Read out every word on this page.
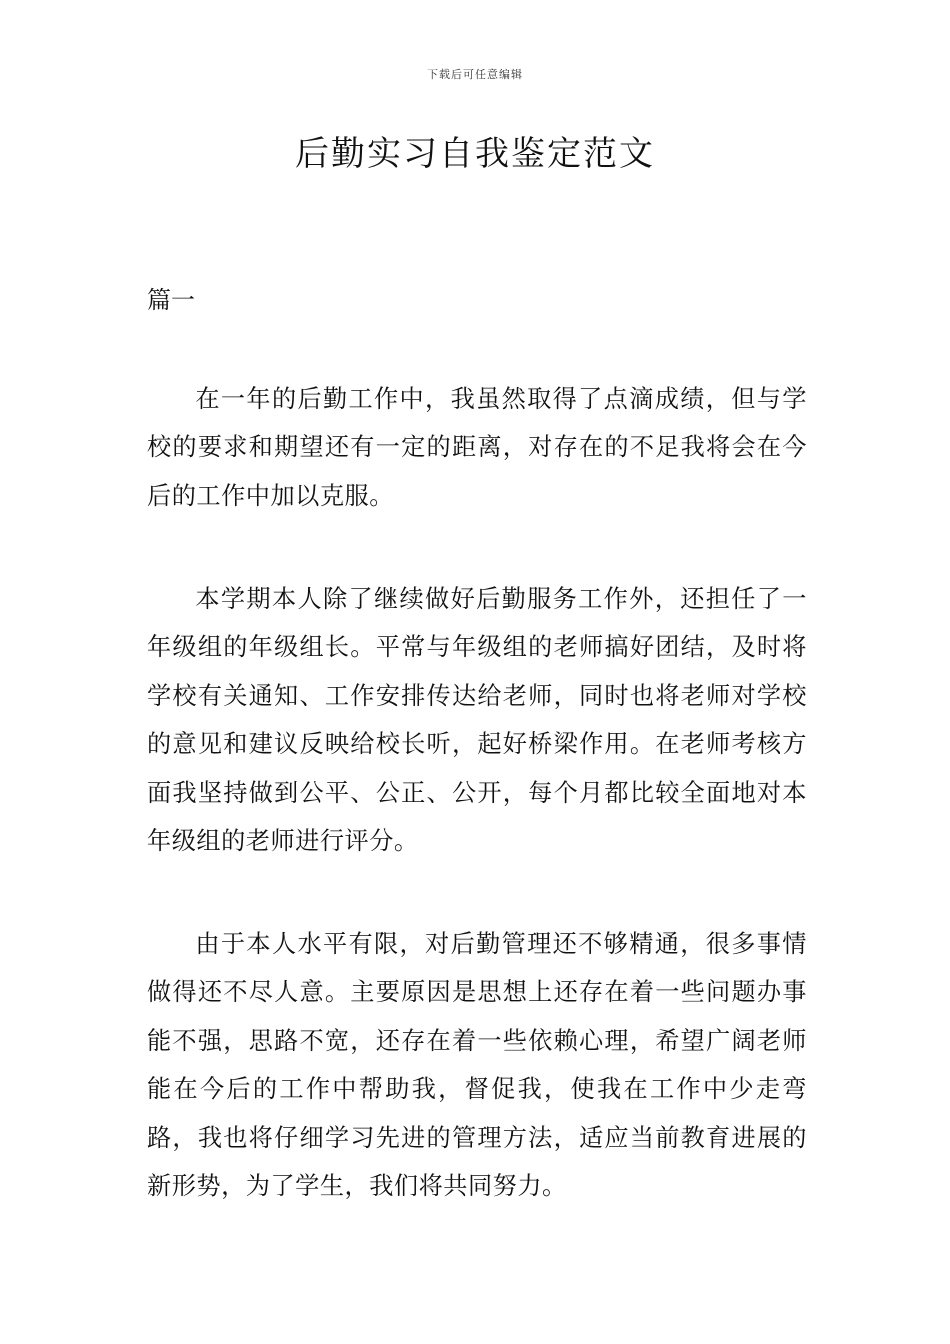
下载后可任意编辑
后勤实习自我鉴定范文
篇一

在一年的后勤工作中，我虽然取得了点滴成绩，但与学校的要求和期望还有一定的距离，对存在的不足我将会在今后的工作中加以克服。

本学期本人除了继续做好后勤服务工作外，还担任了一年级组的年级组长。平常与年级组的老师搞好团结，及时将学校有关通知、工作安排传达给老师，同时也将老师对学校的意见和建议反映给校长听，起好桥梁作用。在老师考核方面我坚持做到公平、公正、公开，每个月都比较全面地对本年级组的老师进行评分。

由于本人水平有限，对后勤管理还不够精通，很多事情做得还不尽人意。主要原因是思想上还存在着一些问题办事能不强，思路不宽，还存在着一些依赖心理，希望广阔老师能在今后的工作中帮助我，督促我，使我在工作中少走弯路，我也将仔细学习先进的管理方法，适应当前教育进展的新形势，为了学生，我们将共同努力。
